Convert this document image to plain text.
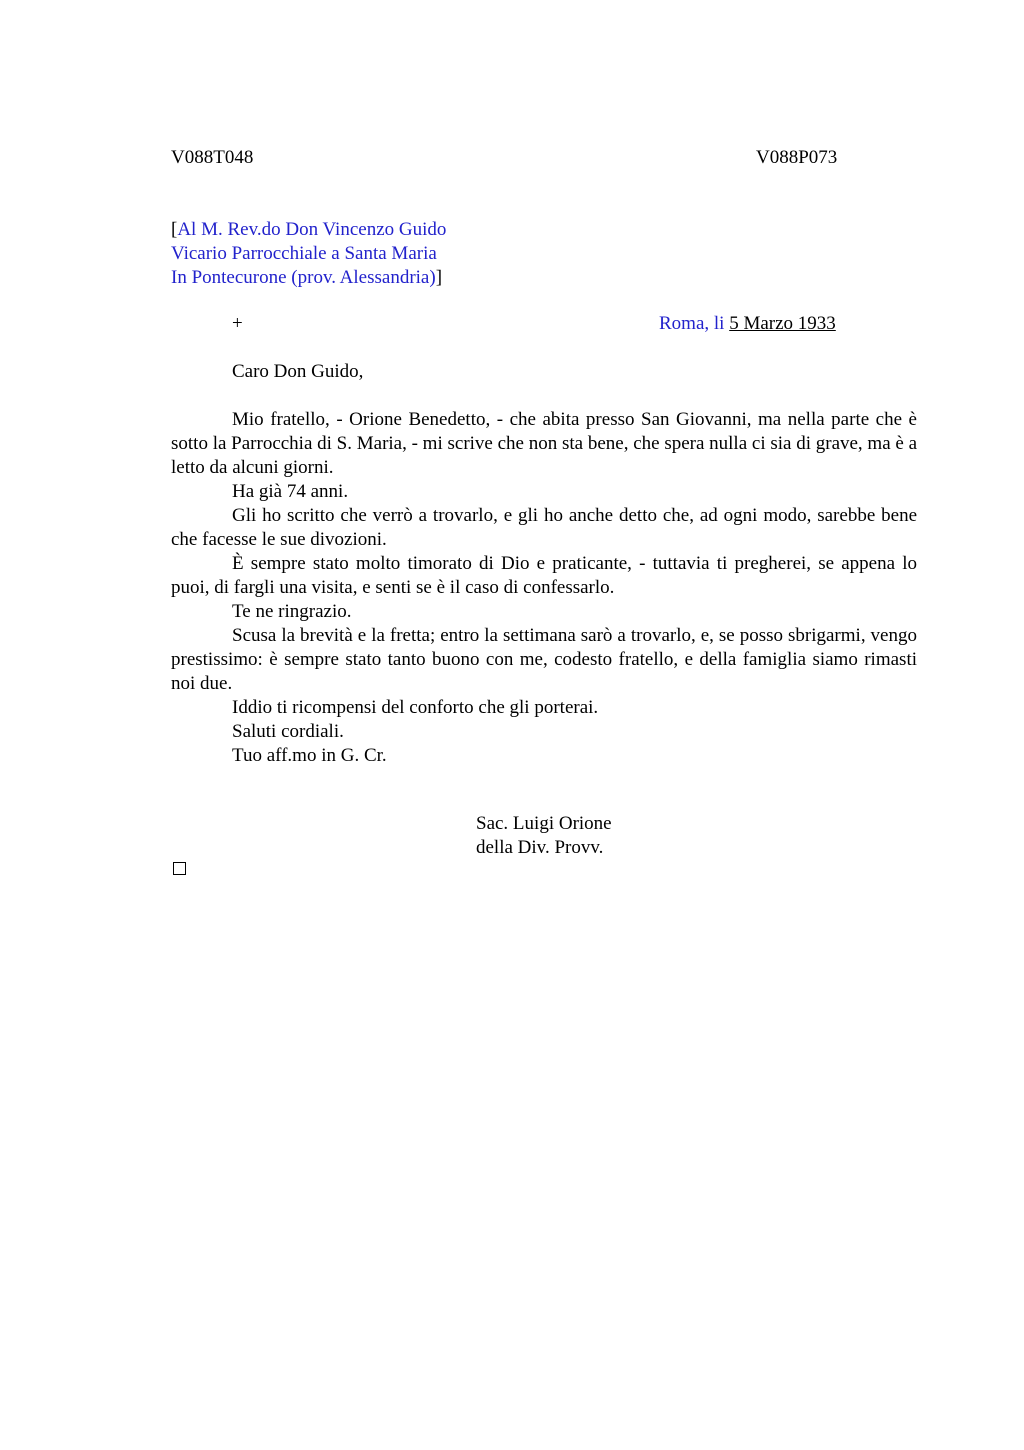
V088T048	V088P073
[Al M. Rev.do Don Vincenzo Guido
Vicario Parrocchiale a Santa Maria
In Pontecurone (prov. Alessandria)]
+	Roma, li 5 Marzo 1933
Caro Don Guido,

Mio fratello, - Orione Benedetto, - che abita presso San Giovanni, ma nella parte che è sotto la Parrocchia di S. Maria, - mi scrive che non sta bene, che spera nulla ci sia di grave, ma è a letto da alcuni giorni.

Ha già 74 anni.

Gli ho scritto che verrò a trovarlo, e gli ho anche detto che, ad ogni modo, sarebbe bene che facesse le sue divozioni.

È sempre stato molto timorato di Dio e praticante, - tuttavia ti pregherei, se appena lo puoi, di fargli una visita, e senti se è il caso di confessarlo.

Te ne ringrazio.

Scusa la brevità e la fretta; entro la settimana sarò a trovarlo, e, se posso sbrigarmi, vengo prestissimo: è sempre stato tanto buono con me, codesto fratello, e della famiglia siamo rimasti noi due.

Iddio ti ricompensi del conforto che gli porterai.

Saluti cordiali.

Tuo aff.mo in G. Cr.

Sac. Luigi Orione
della Div. Provv.
